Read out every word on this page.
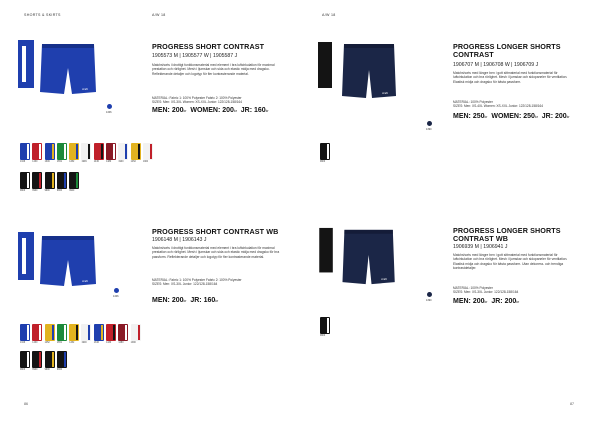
SHORTS & SKIRTS	A/W 18	A/W 18
86	87
craft
1346
PROGRESS SHORT CONTRAST
1905573 M | 1905577 W | 1905587 J
Matchshorts i idrottigt funktionsmaterial med element i bra luftcirkulation för maximal prestation och rörlighet. Mesh i ljumskar och sida och elastic midja med dragsko. Reflekterande detaljer och logotyp för fler kontrasterande material.
MATERIAL: Fabric 1: 100% Polyester Fabric 2: 100% Polyester
SIZES: Men: XS-3XL Women: XS-XXL Junior: 122/128-158/164
MEN: 200kr WOMEN: 200kr JR: 160kr
1346	1430	1346	1651	1452	1999	1430	1480	1900	1452	1900
9900	9900	9900	9900	9900
craft
1390
PROGRESS LONGER SHORTS CONTRAST
1906707 M | 1906708 W | 1906709 J
Matchshorts med längre ben i gott sittmaterial med funktionsmaterial för luftcirkulation och bra rörlighet. Mesh i ljumskar och sidopaneler för ventilation. Elastisk midja och dragsko för bästa passform.
MATERIAL: 100% Polyester
SIZES: Men: XS-4XL Women: XS-XXL Junior: 122/128-158/164
MEN: 250kr WOMEN: 250kr JR: 200kr
9900
craft
1346
PROGRESS SHORT CONTRAST WB
1906148 M | 1906143 J
Matchshorts i idrottigt funktionsmaterial med element i bra luftcirkulation för maximal prestation och rörlighet. Mesh i ljumskar och sida och elastic midja med dragsko för bra passform. Reflekterande detaljer och logotyp för fler kontrasterande material.
MATERIAL: Fabric 1: 100% Polyester Fabric 2: 100% Polyester
SIZES: Men: XS-3XL Junior: 122/128-158/164
MEN: 200kr JR: 160kr
1346	1430	1452	1651	1452	1900	1346	1430	1480	1900
9900	9900	9900	9900
craft
1390
PROGRESS LONGER SHORTS CONTRAST WB
1906939 M | 1906941 J
Matchshorts med längre ben i gott sittmaterial med funktionsmaterial för luftcirkulation och bra rörlighet. Mesh i ljumskar och sidopaneler för ventilation. Elastisk midja och dragsko för bästa passform. Utan dekorera- och trendiga kontrastdetaljer.
MATERIAL: 100% Polyester
SIZES: Men: XS-3XL Junior: 122/128-158/164
MEN: 200kr JR: 200kr
9900
